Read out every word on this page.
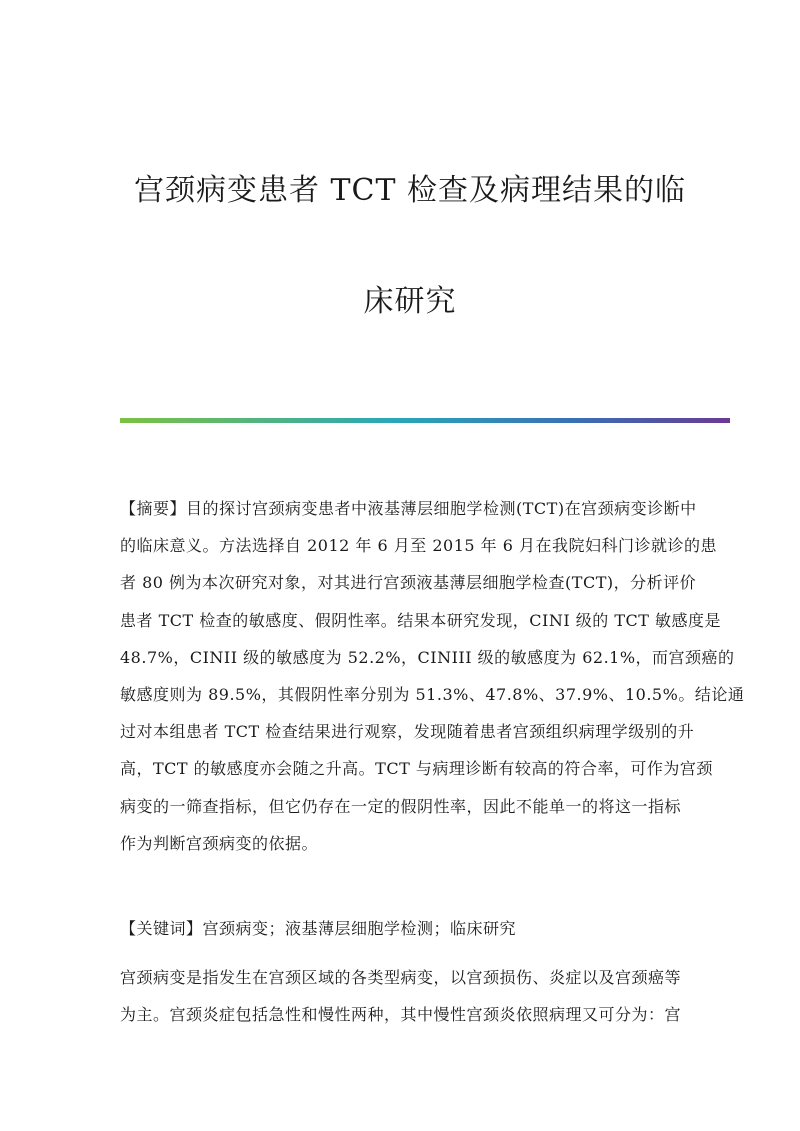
宫颈病变患者 TCT 检查及病理结果的临
床研究
【摘要】目的探讨宫颈病变患者中液基薄层细胞学检测(TCT)在宫颈病变诊断中
的临床意义。方法选择自 2012 年 6 月至 2015 年 6 月在我院妇科门诊就诊的患
者 80 例为本次研究对象，对其进行宫颈液基薄层细胞学检查(TCT)，分析评价
患者 TCT 检查的敏感度、假阴性率。结果本研究发现，CINI 级的 TCT 敏感度是
48.7%，CINII 级的敏感度为 52.2%，CINIII 级的敏感度为 62.1%，而宫颈癌的
敏感度则为 89.5%，其假阴性率分别为 51.3%、47.8%、37.9%、10.5%。结论通
过对本组患者 TCT 检查结果进行观察，发现随着患者宫颈组织病理学级别的升
高，TCT 的敏感度亦会随之升高。TCT 与病理诊断有较高的符合率，可作为宫颈
病变的一筛查指标，但它仍存在一定的假阴性率，因此不能单一的将这一指标
作为判断宫颈病变的依据。
【关键词】宫颈病变；液基薄层细胞学检测；临床研究
宫颈病变是指发生在宫颈区域的各类型病变，以宫颈损伤、炎症以及宫颈癌等
为主。宫颈炎症包括急性和慢性两种，其中慢性宫颈炎依照病理又可分为：宫
